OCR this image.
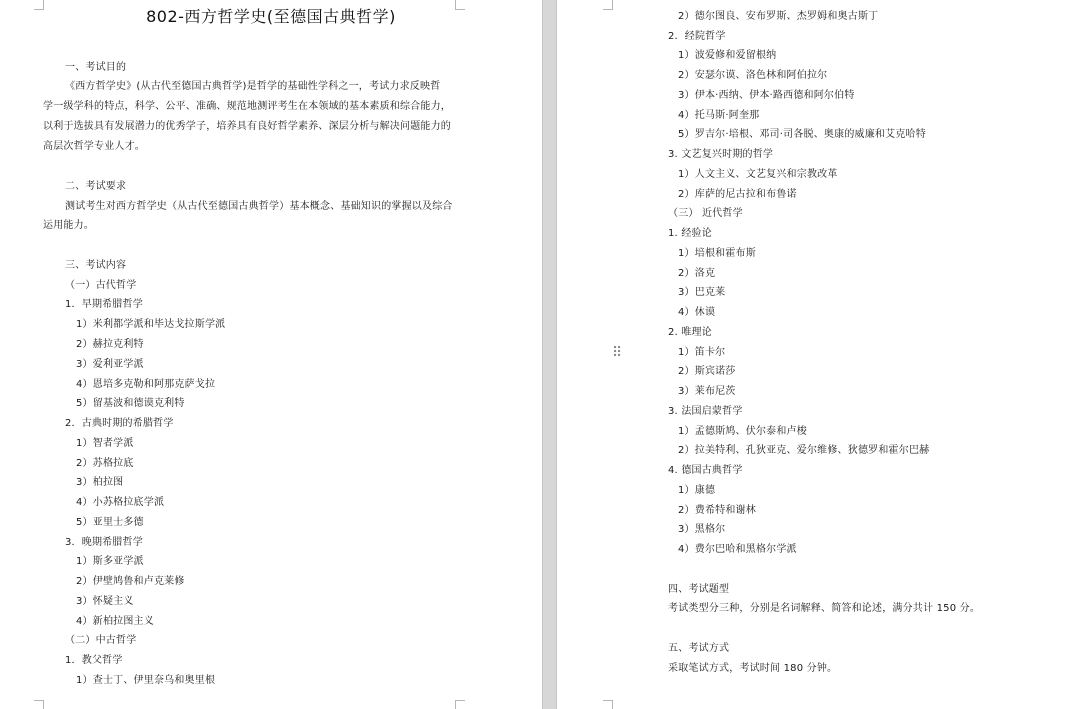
802-西方哲学史(至德国古典哲学)
一、考试目的
《西方哲学史》(从古代至德国古典哲学)是哲学的基础性学科之一，考试力求反映哲
学一级学科的特点，科学、公平、准确、规范地测评考生在本领域的基本素质和综合能力，
以利于选拔具有发展潜力的优秀学子，培养具有良好哲学素养、深层分析与解决问题能力的
高层次哲学专业人才。
二、考试要求
测试考生对西方哲学史（从古代至德国古典哲学）基本概念、基础知识的掌握以及综合
运用能力。
三、考试内容
（一）古代哲学
1．早期希腊哲学
1）米利都学派和毕达戈拉斯学派
2）赫拉克利特
3）爱利亚学派
4）恩培多克勒和阿那克萨戈拉
5）留基波和德谟克利特
2．古典时期的希腊哲学
1）智者学派
2）苏格拉底
3）柏拉图
4）小苏格拉底学派
5）亚里士多德
3．晚期希腊哲学
1）斯多亚学派
2）伊壁鸠鲁和卢克莱修
3）怀疑主义
4）新柏拉图主义
（二）中古哲学
1．教父哲学
1）查士丁、伊里奈乌和奥里根
2）德尔图良、安布罗斯、杰罗姆和奥古斯丁
2．经院哲学
1）波爱修和爱留根纳
2）安瑟尔谟、洛色林和阿伯拉尔
3）伊本·西纳、伊本·路西德和阿尔伯特
4）托马斯·阿奎那
5）罗吉尔·培根、邓司·司各脱、奥康的威廉和艾克哈特
3. 文艺复兴时期的哲学
1）人文主义、文艺复兴和宗教改革
2）库萨的尼古拉和布鲁诺
（三） 近代哲学
1. 经验论
1）培根和霍布斯
2）洛克
3）巴克莱
4）休谟
2. 唯理论
1）笛卡尔
2）斯宾诺莎
3）莱布尼茨
3. 法国启蒙哲学
1）孟德斯鸠、伏尔泰和卢梭
2）拉美特利、孔狄亚克、爱尔维修、狄德罗和霍尔巴赫
4. 德国古典哲学
1）康德
2）费希特和谢林
3）黑格尔
4）费尔巴哈和黑格尔学派
四、考试题型
考试类型分三种，分别是名词解释、简答和论述，满分共计 150 分。
五、考试方式
采取笔试方式，考试时间 180 分钟。
⠿
